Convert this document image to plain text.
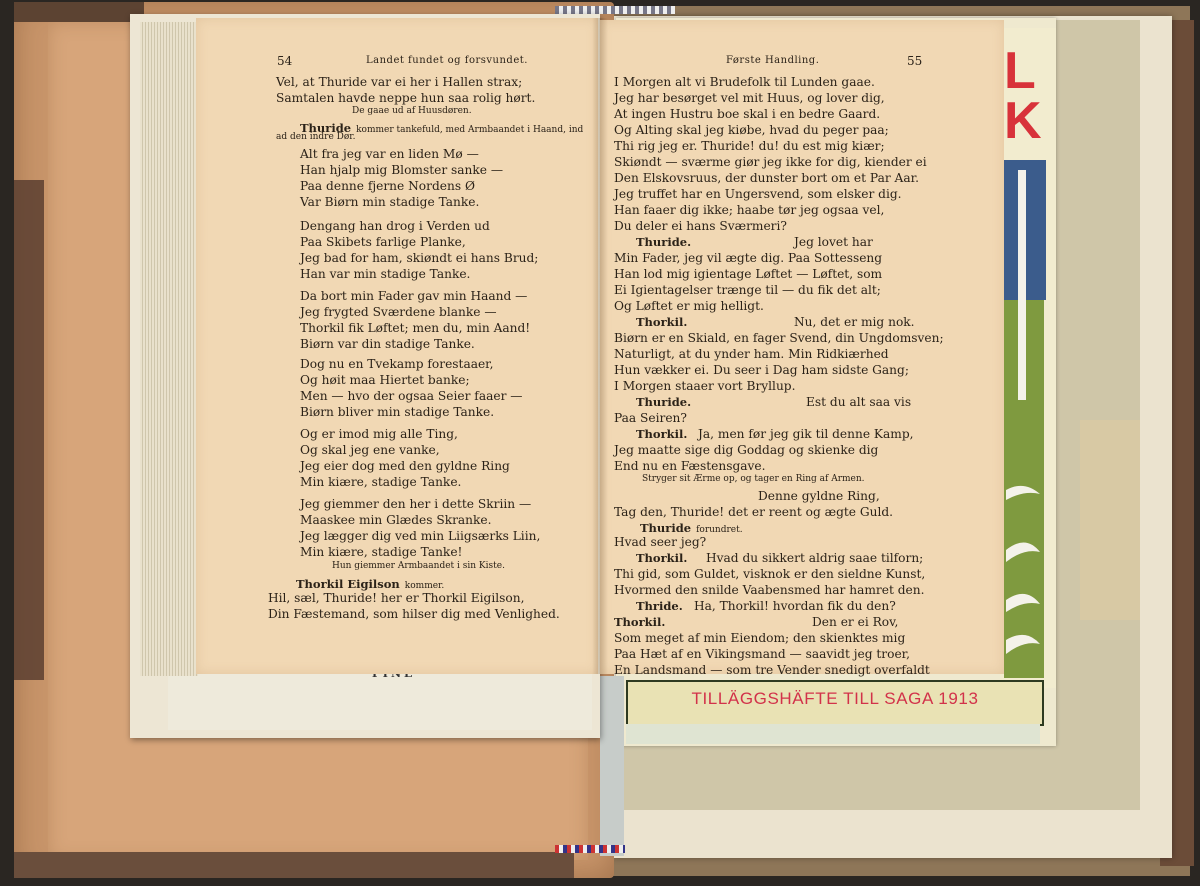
L
K
TILLÄGGSHÄFTE TILL SAGA 1913
54	Landet fundet og forsvundet.	Første Handling.	55
Vel, at Thuride var ei her i Hallen strax;
Samtalen havde neppe hun saa rolig hørt.
De gaae ud af Huusdøren.
Thuride kommer tankefuld, med Armbaandet i Haand, ind
ad den indre Dør.
Alt fra jeg var en liden Mø —
Han hjalp mig Blomster sanke —
Paa denne fjerne Nordens Ø
Var Biørn min stadige Tanke.
Dengang han drog i Verden ud
Paa Skibets farlige Planke,
Jeg bad for ham, skiøndt ei hans Brud;
Han var min stadige Tanke.
Da bort min Fader gav min Haand —
Jeg frygted Sværdene blanke —
Thorkil fik Løftet; men du, min Aand!
Biørn var din stadige Tanke.
Dog nu en Tvekamp forestaaer,
Og høit maa Hiertet banke;
Men — hvo der ogsaa Seier faaer —
Biørn bliver min stadige Tanke.
Og er imod mig alle Ting,
Og skal jeg ene vanke,
Jeg eier dog med den gyldne Ring
Min kiære, stadige Tanke.
Jeg giemmer den her i dette Skriin —
Maaskee min Glædes Skranke.
Jeg lægger dig ved min Liigsærks Liin,
Min kiære, stadige Tanke!
Hun giemmer Armbaandet i sin Kiste.
Thorkil Eigilson kommer.
Hil, sæl, Thuride! her er Thorkil Eigilson,
Din Fæstemand, som hilser dig med Venlighed.
I Morgen alt vi Brudefolk til Lunden gaae.
Jeg har besørget vel mit Huus, og lover dig,
At ingen Hustru boe skal i en bedre Gaard.
Og Alting skal jeg kiøbe, hvad du peger paa;
Thi rig jeg er. Thuride! du! du est mig kiær;
Skiøndt — sværme giør jeg ikke for dig, kiender ei
Den Elskovsruus, der dunster bort om et Par Aar.
Jeg truffet har en Ungersvend, som elsker dig.
Han faaer dig ikke; haabe tør jeg ogsaa vel,
Du deler ei hans Sværmeri?
Thuride.	Jeg lovet har
Min Fader, jeg vil ægte dig. Paa Sottesseng
Han lod mig igientage Løftet — Løftet, som
Ei Igientagelser trænge til — du fik det alt;
Og Løftet er mig helligt.
Thorkil.	Nu, det er mig nok.
Biørn er en Skiald, en fager Svend, din Ungdomsven;
Naturligt, at du ynder ham. Min Ridkiærhed
Hun vækker ei. Du seer i Dag ham sidste Gang;
I Morgen staaer vort Bryllup.
Thuride.	Est du alt saa vis
Paa Seiren?
Thorkil. Ja, men før jeg gik til denne Kamp,
Jeg maatte sige dig Goddag og skienke dig
End nu en Fæstensgave.
Stryger sit Ærme op, og tager en Ring af Armen.
Denne gyldne Ring,
Tag den, Thuride! det er reent og ægte Guld.
Thuride forundret.
Hvad seer jeg?
Thorkil. Hvad du sikkert aldrig saae tilforn;
Thi gid, som Guldet, visknok er den sieldne Kunst,
Hvormed den snilde Vaabensmed har hamret den.
Thride. Ha, Thorkil! hvordan fik du den?
Thorkil.	Den er ei Rov,
Som meget af min Eiendom; den skienktes mig
Paa Hæt af en Vikingsmand — saavidt jeg troer,
En Landsmand — som tre Vender snedigt overfaldt
